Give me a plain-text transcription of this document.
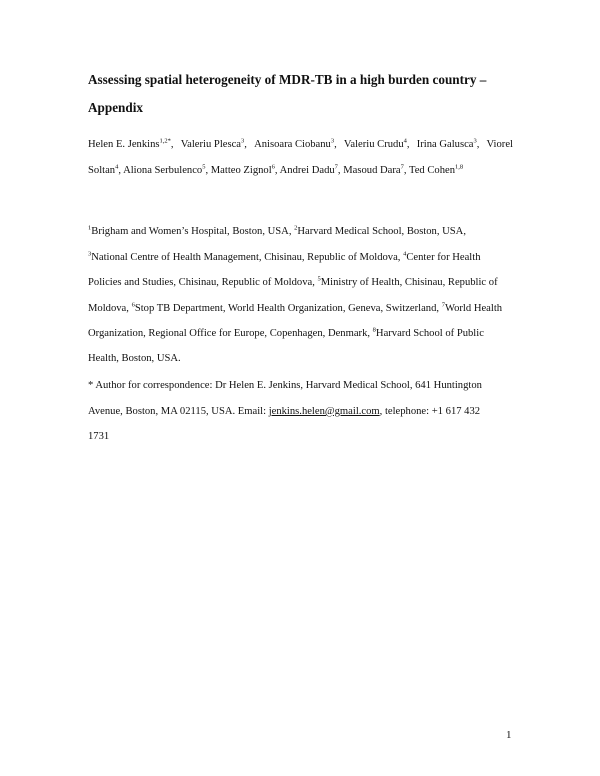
Assessing spatial heterogeneity of MDR-TB in a high burden country –
Appendix
Helen E. Jenkins$^{1,2*}$, Valeriu Plesca$^3$, Anisoara Ciobanu$^3$, Valeriu Crudu$^4$, Irina Galusca$^3$, Viorel
Soltan$^4$, Aliona Serbulenco$^5$, Matteo Zignol$^6$, Andrei Dadu$^7$, Masoud Dara$^7$, Ted Cohen$^{1,8}$
$^1$Brigham and Women’s Hospital, Boston, USA, $^2$Harvard Medical School, Boston, USA,
$^3$National Centre of Health Management, Chisinau, Republic of Moldova, $^4$Center for Health
Policies and Studies, Chisinau, Republic of Moldova, $^5$Ministry of Health, Chisinau, Republic of
Moldova, $^6$Stop TB Department, World Health Organization, Geneva, Switzerland, $^7$World Health
Organization, Regional Office for Europe, Copenhagen, Denmark, $^8$Harvard School of Public
Health, Boston, USA.
* Author for correspondence: Dr Helen E. Jenkins, Harvard Medical School, 641 Huntington
Avenue, Boston, MA 02115, USA. Email: jenkins.helen@gmail.com, telephone: +1 617 432
1731
1
